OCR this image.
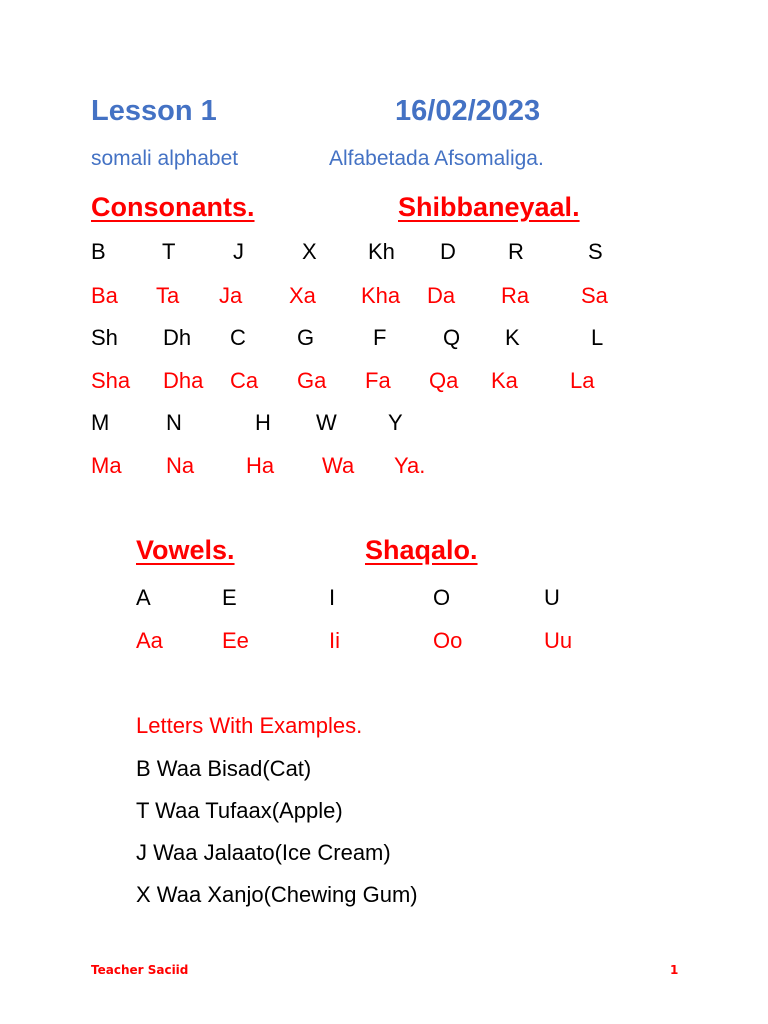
Lesson 1	16/02/2023
somali alphabet	Alfabetada Afsomaliga.
Consonants.	Shibbaneyaal.
B	T	J	X Kh D R	S
Ba Ta Ja Xa Kha Da Ra Sa
Sh Dh C G	F	Q K	L
Sha Dha Ca Ga Fa Qa Ka La
M	N	H W Y
Ma Na Ha Wa Ya.
Vowels.	Shaqalo.
A	E	I	O	U
Aa	Ee	Ii	Oo	Uu
Letters With Examples.
B Waa Bisad(Cat)
T Waa Tufaax(Apple)
J Waa Jalaato(Ice Cream)
X Waa Xanjo(Chewing Gum)
Teacher Saciid	1
